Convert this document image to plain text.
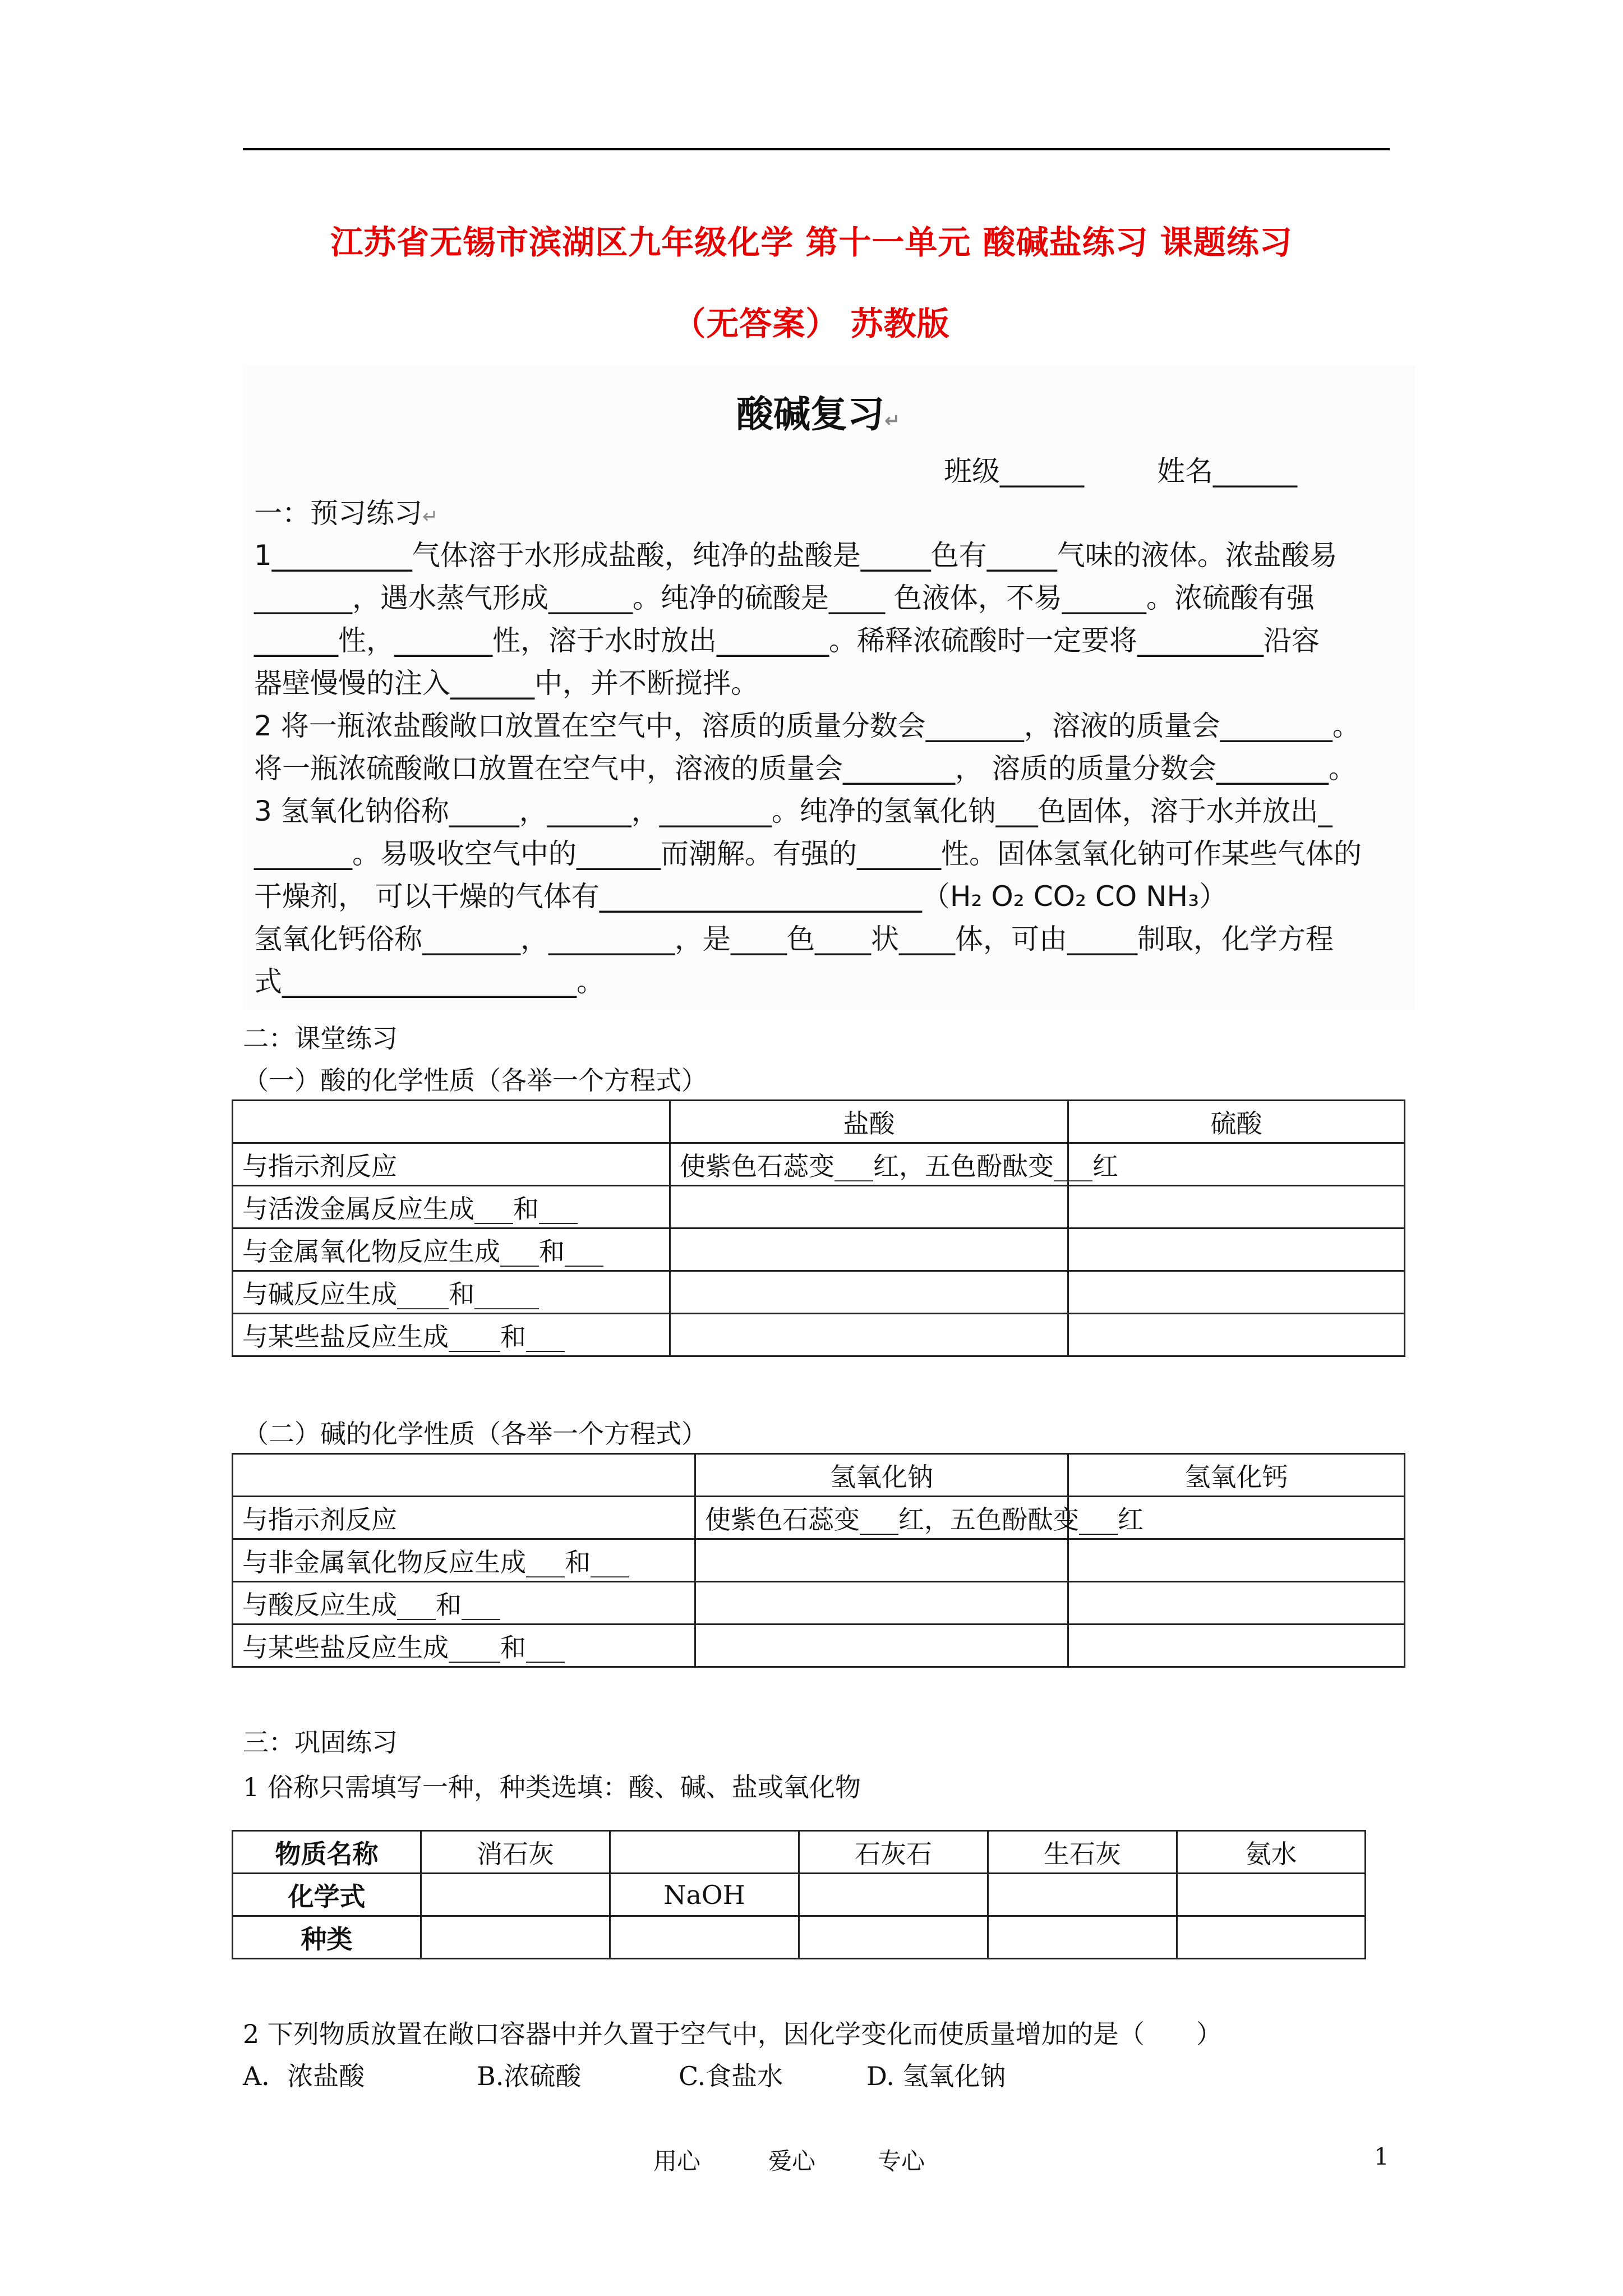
江苏省无锡市滨湖区九年级化学 第十一单元 酸碱盐练习 课题练习
（无答案） 苏教版
酸碱复习↵
班级______	姓名______
一：预习练习↵
1__________气体溶于水形成盐酸，纯净的盐酸是_____色有_____气味的液体。浓盐酸易
_______，遇水蒸气形成______。纯净的硫酸是____ 色液体，不易______。浓硫酸有强
______性，_______性，溶于水时放出________。稀释浓硫酸时一定要将_________沿容
器壁慢慢的注入______中，并不断搅拌。
2 将一瓶浓盐酸敞口放置在空气中，溶质的质量分数会_______，溶液的质量会________。
将一瓶浓硫酸敞口放置在空气中，溶液的质量会________， 溶质的质量分数会________。
3 氢氧化钠俗称_____，______，________。纯净的氢氧化钠___色固体，溶于水并放出_
_______。易吸收空气中的______而潮解。有强的______性。固体氢氧化钠可作某些气体的
干燥剂， 可以干燥的气体有_______________________（H₂ O₂ CO₂ CO NH₃）
氢氧化钙俗称_______，_________，是____色____状____体，可由_____制取，化学方程
式_____________________。
二：课堂练习
（一）酸的化学性质（各举一个方程式）
	盐酸	硫酸
与指示剂反应	使紫色石蕊变___红，五色酚酞变___红	
与活泼金属反应生成___和___		
与金属氧化物反应生成___和___		
与碱反应生成____和_____		
与某些盐反应生成____和___		
（二）碱的化学性质（各举一个方程式）
	氢氧化钠	氢氧化钙
与指示剂反应	使紫色石蕊变___红，五色酚酞变___红	
与非金属氧化物反应生成___和___		
与酸反应生成___和___		
与某些盐反应生成____和___		
三：巩固练习
1 俗称只需填写一种，种类选填：酸、碱、盐或氧化物
物质名称	消石灰		石灰石	生石灰	氨水
化学式		NaOH			
种类					
2 下列物质放置在敞口容器中并久置于空气中，因化学变化而使质量增加的是（　　）
A．浓盐酸	B.浓硫酸	C.食盐水	D. 氢氧化钠
用心	爱心	专心	1
